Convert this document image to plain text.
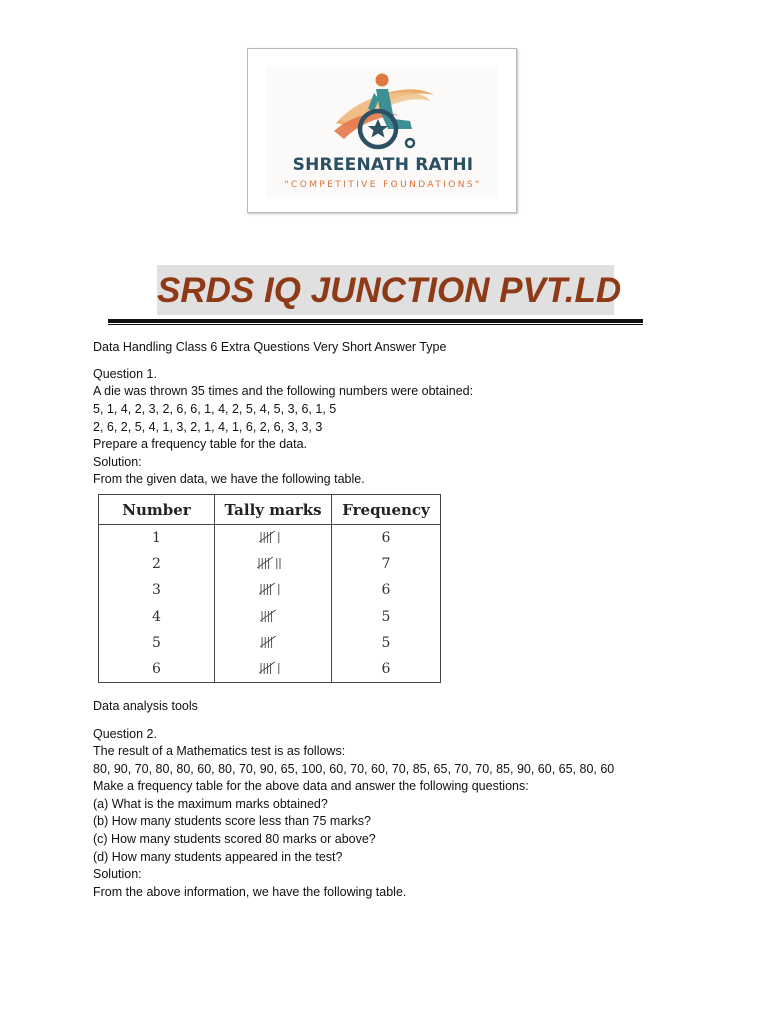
SHREENATH RATHI
"COMPETITIVE FOUNDATIONS"
SRDS IQ JUNCTION PVT.LD
Data Handling Class 6 Extra Questions Very Short Answer Type
Question 1.
A die was thrown 35 times and the following numbers were obtained:
5, 1, 4, 2, 3, 2, 6, 6, 1, 4, 2, 5, 4, 5, 3, 6, 1, 5
2, 6, 2, 5, 4, 1, 3, 2, 1, 4, 1, 6, 2, 6, 3, 3, 3
Prepare a frequency table for the data.
Solution:
From the given data, we have the following table.
Number	Tally marks	Frequency
1		6
2		7
3		6
4		5
5		5
6		6
Data analysis tools
Question 2.
The result of a Mathematics test is as follows:
80, 90, 70, 80, 80, 60, 80, 70, 90, 65, 100, 60, 70, 60, 70, 85, 65, 70, 70, 85, 90, 60, 65, 80, 60
Make a frequency table for the above data and answer the following questions:
(a) What is the maximum marks obtained?
(b) How many students score less than 75 marks?
(c) How many students scored 80 marks or above?
(d) How many students appeared in the test?
Solution:
From the above information, we have the following table.
